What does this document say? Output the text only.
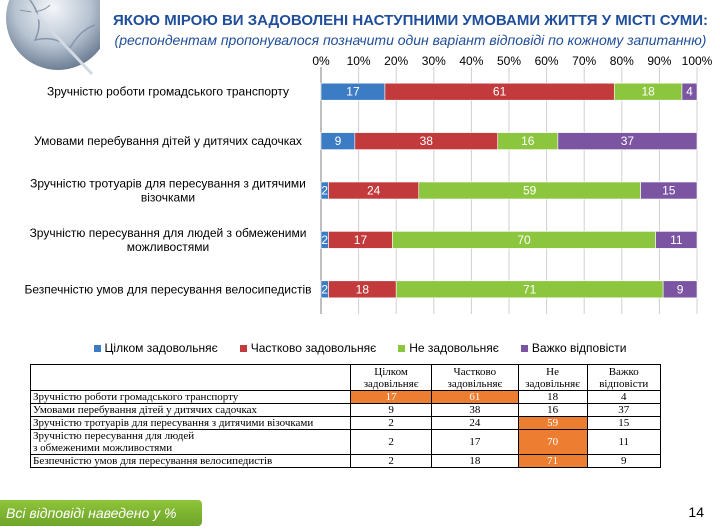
ЯКОЮ МІРОЮ ВИ ЗАДОВОЛЕНІ НАСТУПНИМИ УМОВАМИ ЖИТТЯ У МІСТІ СУМИ:
(респондентам пропонувалося позначити один варіант відповіді по кожному запитанню)
0% 10% 20% 30% 40% 50% 60% 70% 80% 90% 100%
Зручністю роботи громадського транспорту
Умовами перебування дітей у дитячих садочках
Зручністю тротуарів для пересування з дитячими візочками
Зручністю пересування для людей з обмеженими можливостями
Безпечністю умов для пересування велосипедистів
17	61	18	4
9	38	16	37
2	24	59	15
2 17	70	11
2 18	71	9
Цілком задовольняє	Частково задовольняє	Не задовольняє	Важко відповісти
	Цілком задовільняє	Частково задовільняє	Не задовільняє	Важко відповісти
Зручністю роботи громадського транспорту	17	61	18	4
Умовами перебування дітей у дитячих садочках	9	38	16	37
Зручністю тротуарів для пересування з дитячими візочками	2	24	59	15
Зручністю пересування для людей
з обмеженими можливостями	2	17	70	11
Безпечністю умов для пересування велосипедистів	2	18	71	9
Всі відповіді наведено у %	14
